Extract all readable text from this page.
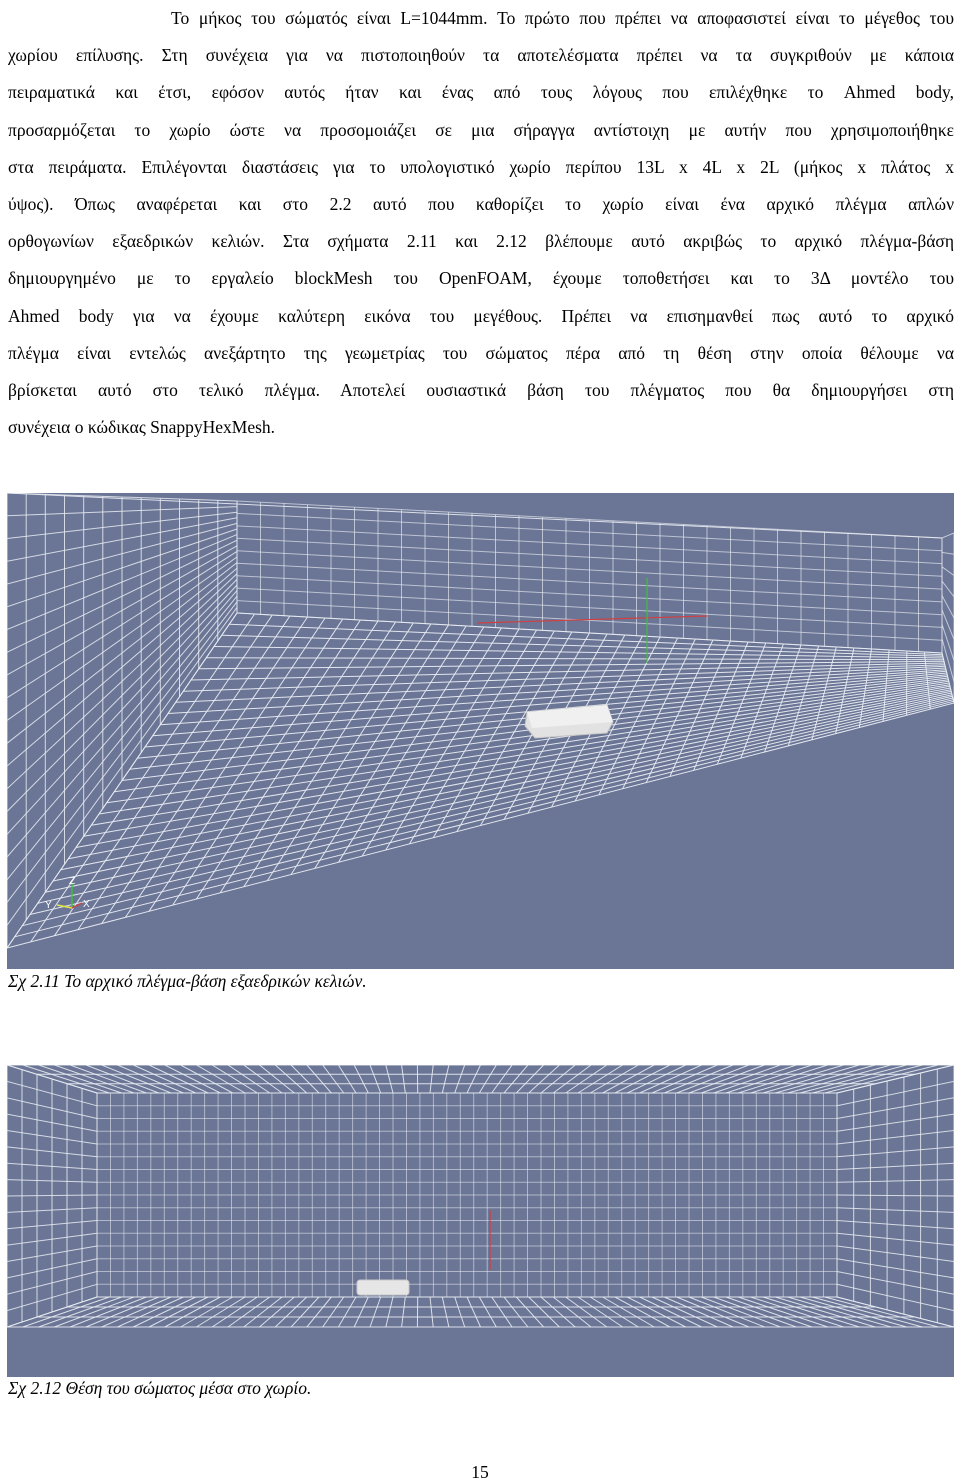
Το μήκος του σώματός είναι L=1044mm. Το πρώτο που πρέπει να αποφασιστεί είναι το μέγεθος του
χωρίου επίλυσης. Στη συνέχεια για να πιστοποιηθούν τα αποτελέσματα πρέπει να τα συγκριθούν με κάποια
πειραματικά και έτσι, εφόσον αυτός ήταν και ένας από τους λόγους που επιλέχθηκε το Ahmed body,
προσαρμόζεται το χωρίο ώστε να προσομοιάζει σε μια σήραγγα αντίστοιχη με αυτήν που χρησιμοποιήθηκε
στα πειράματα. Επιλέγονται διαστάσεις για το υπολογιστικό χωρίο περίπου 13L x 4L x 2L (μήκος x πλάτος x
ύψος). Όπως αναφέρεται και στο 2.2 αυτό που καθορίζει το χωρίο είναι ένα αρχικό πλέγμα απλών
ορθογωνίων εξαεδρικών κελιών. Στα σχήματα 2.11 και 2.12 βλέπουμε αυτό ακριβώς το αρχικό πλέγμα-βάση
δημιουργημένο με το εργαλείο blockMesh του OpenFOAM, έχουμε τοποθετήσει και το 3Δ μοντέλο του
Ahmed body για να έχουμε καλύτερη εικόνα του μεγέθους. Πρέπει να επισημανθεί πως αυτό το αρχικό
πλέγμα είναι εντελώς ανεξάρτητο της γεωμετρίας του σώματος πέρα από τη θέση στην οποία θέλουμε να
βρίσκεται αυτό στο τελικό πλέγμα. Αποτελεί ουσιαστικά βάση του πλέγματος που θα δημιουργήσει στη
συνέχεια ο κώδικας SnappyHexMesh.
Z
Y	X
Σχ 2.11 Το αρχικό πλέγμα-βάση εξαεδρικών κελιών.
Σχ 2.12 Θέση του σώματος μέσα στο χωρίο.
15
